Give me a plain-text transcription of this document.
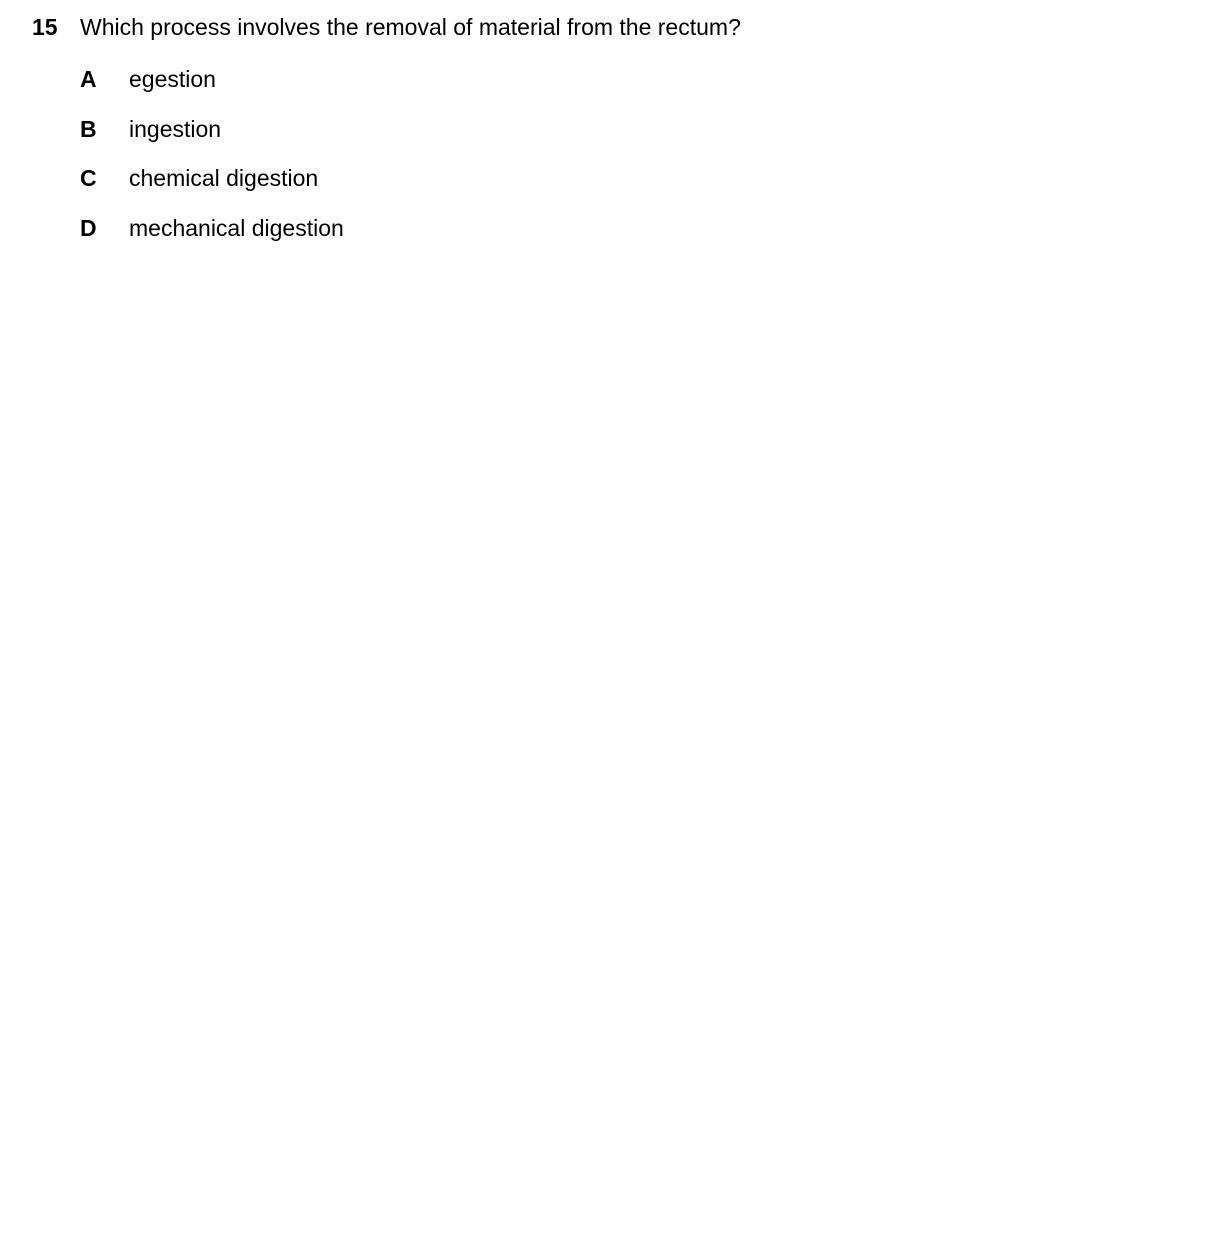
15 Which process involves the removal of material from the rectum?
A	egestion
B	ingestion
C	chemical digestion
D	mechanical digestion
